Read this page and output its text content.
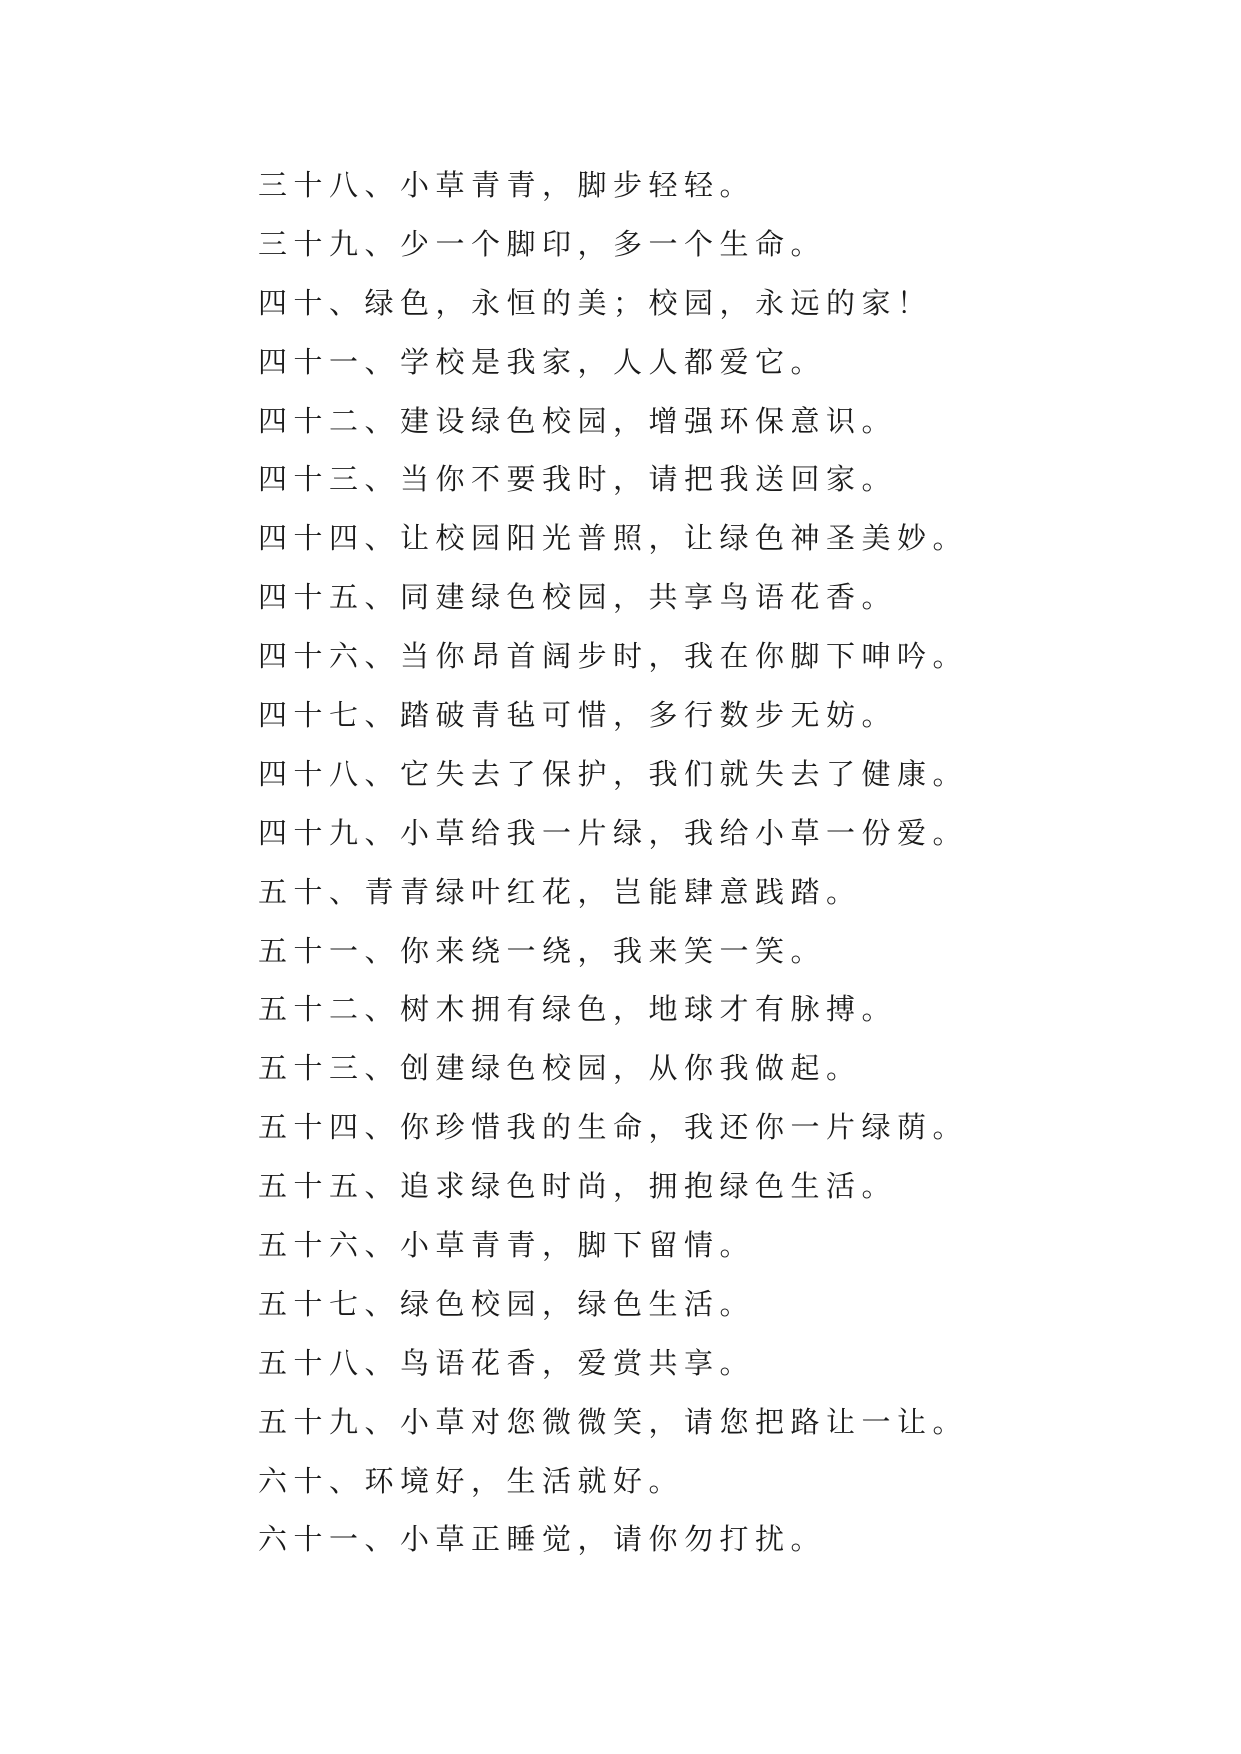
三十八、小草青青，脚步轻轻。
三十九、少一个脚印，多一个生命。
四十、绿色，永恒的美；校园，永远的家！
四十一、学校是我家，人人都爱它。
四十二、建设绿色校园，增强环保意识。
四十三、当你不要我时，请把我送回家。
四十四、让校园阳光普照，让绿色神圣美妙。
四十五、同建绿色校园，共享鸟语花香。
四十六、当你昂首阔步时，我在你脚下呻吟。
四十七、踏破青毡可惜，多行数步无妨。
四十八、它失去了保护，我们就失去了健康。
四十九、小草给我一片绿，我给小草一份爱。
五十、青青绿叶红花，岂能肆意践踏。
五十一、你来绕一绕，我来笑一笑。
五十二、树木拥有绿色，地球才有脉搏。
五十三、创建绿色校园，从你我做起。
五十四、你珍惜我的生命，我还你一片绿荫。
五十五、追求绿色时尚，拥抱绿色生活。
五十六、小草青青，脚下留情。
五十七、绿色校园，绿色生活。
五十八、鸟语花香，爱赏共享。
五十九、小草对您微微笑，请您把路让一让。
六十、环境好，生活就好。
六十一、小草正睡觉，请你勿打扰。
